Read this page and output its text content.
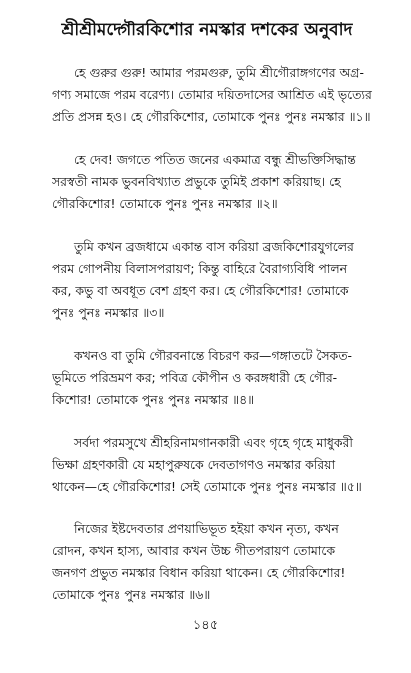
শ্রীশ্রীমদ্গৌরকিশোর নমস্কার দশকের অনুবাদ
হে গুরুর গুরু! আমার পরমগুরু, তুমি শ্রীগৌরাঙ্গগণের অগ্র-
গণ্য সমাজে পরম বরেণ্য। তোমার দয়িতদাসের আশ্রিত এই ভৃত্যের
প্রতি প্রসন্ন হও। হে গৌরকিশোর, তোমাকে পুনঃ পুনঃ নমস্কার ॥১॥
হে দেব! জগতে পতিত জনের একমাত্র বন্ধু শ্রীভক্তিসিদ্ধান্ত
সরস্বতী নামক ভুবনবিখ্যাত প্রভুকে তুমিই প্রকাশ করিয়াছ। হে
গৌরকিশোর! তোমাকে পুনঃ পুনঃ নমস্কার ॥২॥
তুমি কখন ব্রজধামে একান্ত বাস করিয়া ব্রজকিশোরযুগলের
পরম গোপনীয় বিলাসপরায়ণ; কিন্তু বাহিরে বৈরাগ্যবিধি পালন
কর, কভু বা অবধূত বেশ গ্রহণ কর। হে গৌরকিশোর! তোমাকে
পুনঃ পুনঃ নমস্কার ॥৩॥
কখনও বা তুমি গৌরবনান্তে বিচরণ কর—গঙ্গাতটে সৈকত-
ভূমিতে পরিভ্রমণ কর; পবিত্র কৌপীন ও করঙ্গধারী হে গৌর-
কিশোর! তোমাকে পুনঃ পুনঃ নমস্কার ॥৪॥
সর্বদা পরমসুখে শ্রীহরিনামগানকারী এবং গৃহে গৃহে মাধুকরী
ভিক্ষা গ্রহণকারী যে মহাপুরুষকে দেবতাগণও নমস্কার করিয়া
থাকেন—হে গৌরকিশোর! সেই তোমাকে পুনঃ পুনঃ নমস্কার ॥৫॥
নিজের ইষ্টদেবতার প্রণয়াভিভূত হইয়া কখন নৃত্য, কখন
রোদন, কখন হাস্য, আবার কখন উচ্চ গীতপরায়ণ তোমাকে
জনগণ প্রভুত নমস্কার বিধান করিয়া থাকেন। হে গৌরকিশোর!
তোমাকে পুনঃ পুনঃ নমস্কার ॥৬॥
১৪৫
